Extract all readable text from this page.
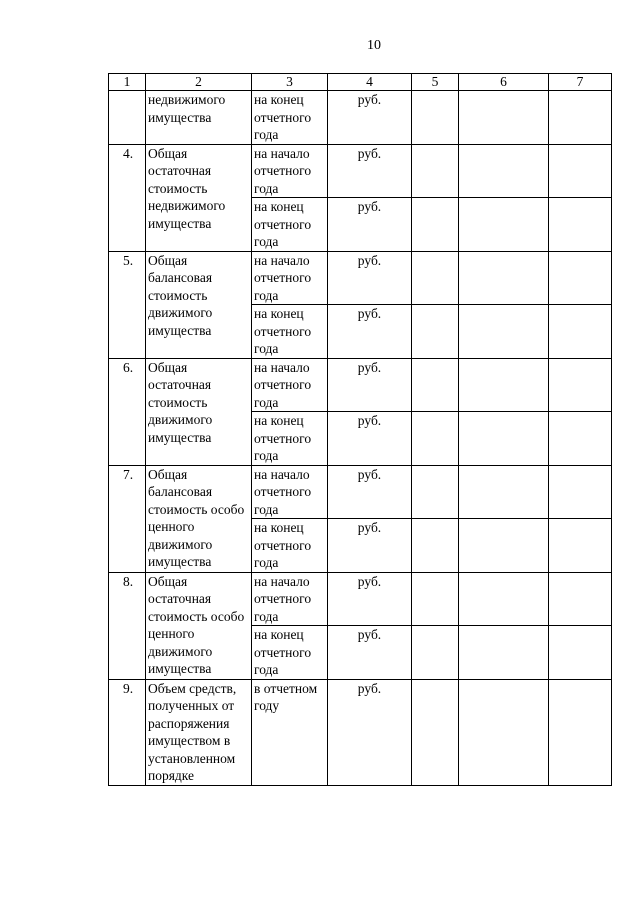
10
1	2	3	4	5	6	7
	недвижимого имущества	на конец отчетного года	руб.			
4.	Общая остаточная стоимость недвижимого имущества	на начало отчетного года	руб.			
		на конец отчетного года	руб.			
5.	Общая балансовая стоимость движимого имущества	на начало отчетного года	руб.			
		на конец отчетного года	руб.			
6.	Общая остаточная стоимость движимого имущества	на начало отчетного года	руб.			
		на конец отчетного года	руб.			
7.	Общая балансовая стоимость особо ценного движимого имущества	на начало отчетного года	руб.			
		на конец отчетного года	руб.			
8.	Общая остаточная стоимость особо ценного движимого имущества	на начало отчетного года	руб.			
		на конец отчетного года	руб.			
9.	Объем средств, полученных от распоряжения имуществом в установленном порядке	в отчетном году	руб.			
